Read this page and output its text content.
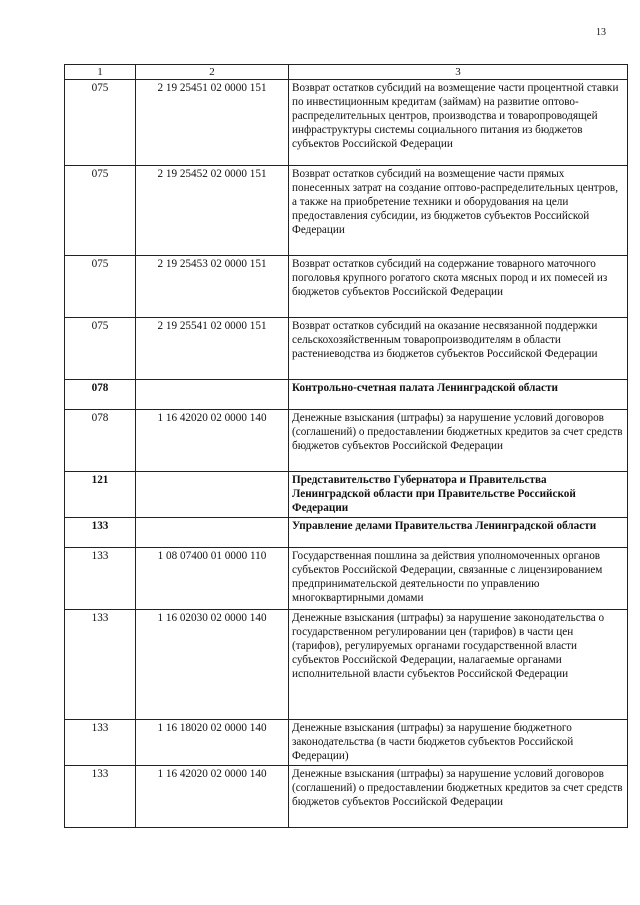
13
1	2	3
075	2 19 25451 02 0000 151	Возврат остатков субсидий на возмещение части процентной ставки по инвестиционным кредитам (займам) на развитие оптово-распределительных центров, производства и товаропроводящей инфраструктуры системы социального питания из бюджетов субъектов Российской Федерации
075	2 19 25452 02 0000 151	Возврат остатков субсидий на возмещение части прямых понесенных затрат на создание оптово-распределительных центров, а также на приобретение техники и оборудования на цели предоставления субсидии, из бюджетов субъектов Российской Федерации
075	2 19 25453 02 0000 151	Возврат остатков субсидий на содержание товарного маточного поголовья крупного рогатого скота мясных пород и их помесей из бюджетов субъектов Российской Федерации
075	2 19 25541 02 0000 151	Возврат остатков субсидий на оказание несвязанной поддержки сельскохозяйственным товаропроизводителям в области растениеводства из бюджетов субъектов Российской Федерации
078		Контрольно-счетная палата Ленинградской области
078	1 16 42020 02 0000 140	Денежные взыскания (штрафы) за нарушение условий договоров (соглашений) о предоставлении бюджетных кредитов за счет средств бюджетов субъектов Российской Федерации
121		Представительство Губернатора и Правительства Ленинградской области при Правительстве Российской Федерации
133		Управление делами Правительства Ленинградской области
133	1 08 07400 01 0000 110	Государственная пошлина за действия уполномоченных органов субъектов Российской Федерации, связанные с лицензированием предпринимательской деятельности по управлению многоквартирными домами
133	1 16 02030 02 0000 140	Денежные взыскания (штрафы) за нарушение законодательства о государственном регулировании цен (тарифов) в части цен (тарифов), регулируемых органами государственной власти субъектов Российской Федерации, налагаемые органами исполнительной власти субъектов Российской Федерации
133	1 16 18020 02 0000 140	Денежные взыскания (штрафы) за нарушение бюджетного законодательства (в части бюджетов субъектов Российской Федерации)
133	1 16 42020 02 0000 140	Денежные взыскания (штрафы) за нарушение условий договоров (соглашений) о предоставлении бюджетных кредитов за счет средств бюджетов субъектов Российской Федерации
